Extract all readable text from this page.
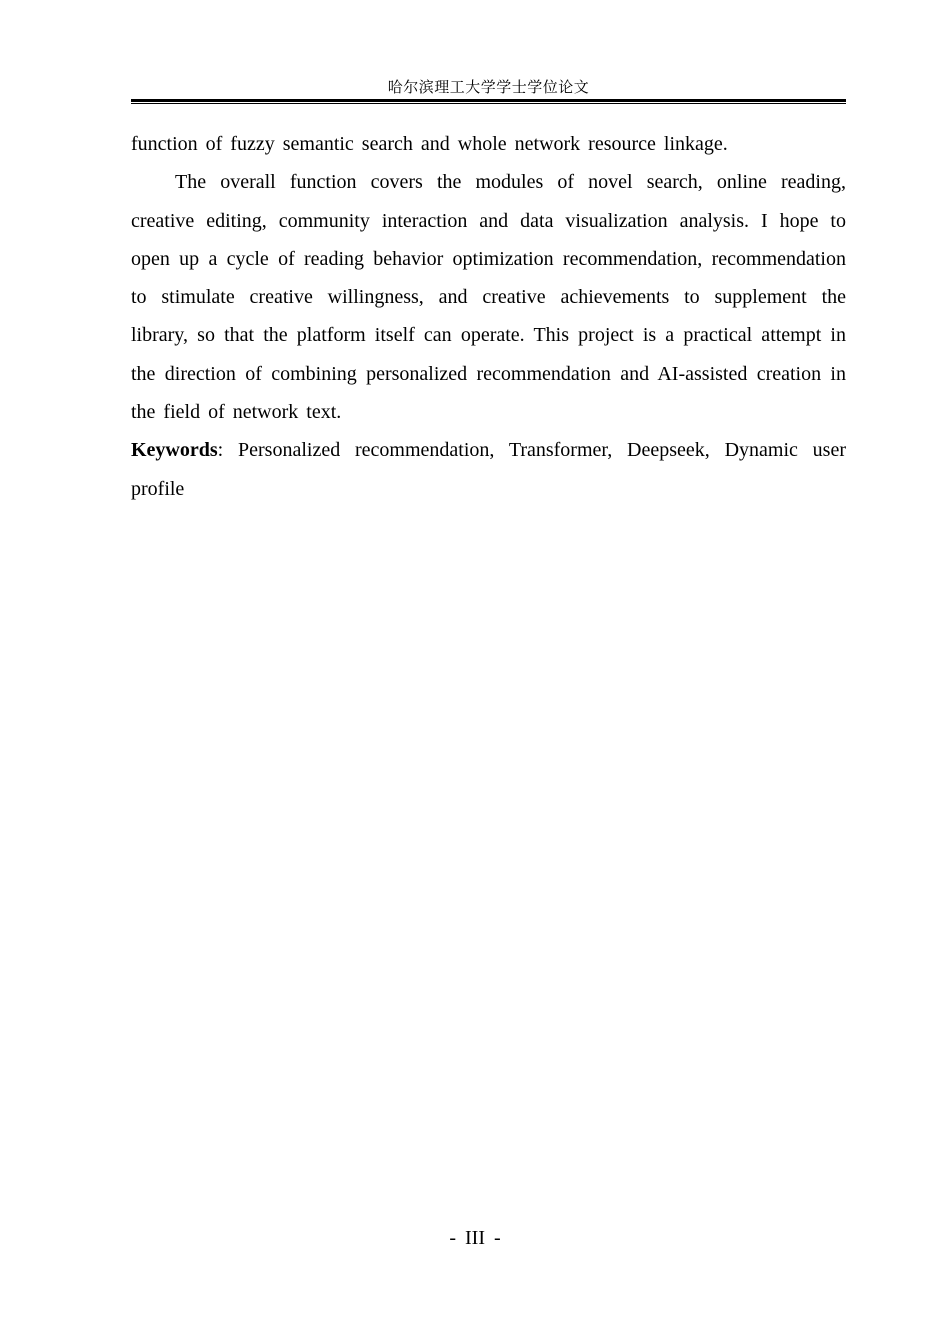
哈尔滨理工大学学士学位论文

function of fuzzy semantic search and whole network resource linkage.

The overall function covers the modules of novel search, online reading, creative editing, community interaction and data visualization analysis. I hope to open up a cycle of reading behavior optimization recommendation, recommendation to stimulate creative willingness, and creative achievements to supplement the library, so that the platform itself can operate. This project is a practical attempt in the direction of combining personalized recommendation and AI-assisted creation in the field of network text.

Keywords: Personalized recommendation, Transformer, Deepseek, Dynamic user profile

- III -
